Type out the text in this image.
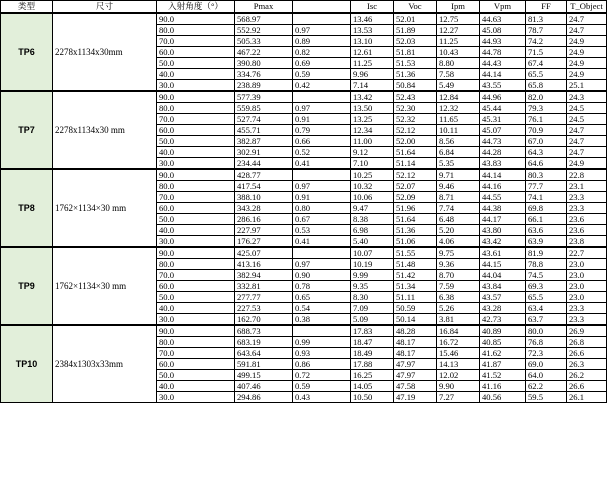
类型	尺寸	入射角度（°）	Pmax		Isc	Voc	Ipm	Vpm	FF	T_Object
TP6	2278x1134x30mm	90.0	568.97		13.46	52.01	12.75	44.63	81.3	24.7
		80.0	552.92	0.97	13.53	51.89	12.27	45.08	78.7	24.7
		70.0	505.33	0.89	13.10	52.03	11.25	44.93	74.2	24.9
		60.0	467.22	0.82	12.61	51.81	10.43	44.78	71.5	24.9
		50.0	390.80	0.69	11.25	51.53	8.80	44.43	67.4	24.9
		40.0	334.76	0.59	9.96	51.36	7.58	44.14	65.5	24.9
		30.0	238.89	0.42	7.14	50.84	5.49	43.55	65.8	25.1
TP7	2278x1134x30 mm	90.0	577.39		13.42	52.43	12.84	44.96	82.0	24.3
		80.0	559.85	0.97	13.50	52.30	12.32	45.44	79.3	24.5
		70.0	527.74	0.91	13.25	52.32	11.65	45.31	76.1	24.5
		60.0	455.71	0.79	12.34	52.12	10.11	45.07	70.9	24.7
		50.0	382.87	0.66	11.00	52.00	8.56	44.73	67.0	24.7
		40.0	302.91	0.52	9.12	51.64	6.84	44.28	64.3	24.7
		30.0	234.44	0.41	7.10	51.14	5.35	43.83	64.6	24.9
TP8	1762×1134×30 mm	90.0	428.77		10.25	52.12	9.71	44.14	80.3	22.8
		80.0	417.54	0.97	10.32	52.07	9.46	44.16	77.7	23.1
		70.0	388.10	0.91	10.06	52.09	8.71	44.55	74.1	23.3
		60.0	343.28	0.80	9.47	51.96	7.74	44.38	69.8	23.3
		50.0	286.16	0.67	8.38	51.64	6.48	44.17	66.1	23.6
		40.0	227.97	0.53	6.98	51.36	5.20	43.80	63.6	23.6
		30.0	176.27	0.41	5.40	51.06	4.06	43.42	63.9	23.8
TP9	1762×1134×30 mm	90.0	425.07		10.07	51.55	9.75	43.61	81.9	22.7
		80.0	413.16	0.97	10.19	51.48	9.36	44.15	78.8	23.0
		70.0	382.94	0.90	9.99	51.42	8.70	44.04	74.5	23.0
		60.0	332.81	0.78	9.35	51.34	7.59	43.84	69.3	23.0
		50.0	277.77	0.65	8.30	51.11	6.38	43.57	65.5	23.0
		40.0	227.53	0.54	7.09	50.59	5.26	43.28	63.4	23.3
		30.0	162.70	0.38	5.09	50.14	3.81	42.73	63.7	23.3
TP10	2384x1303x33mm	90.0	688.73		17.83	48.28	16.84	40.89	80.0	26.9
		80.0	683.19	0.99	18.47	48.17	16.72	40.85	76.8	26.8
		70.0	643.64	0.93	18.49	48.17	15.46	41.62	72.3	26.6
		60.0	591.81	0.86	17.88	47.97	14.13	41.87	69.0	26.3
		50.0	499.15	0.72	16.25	47.97	12.02	41.52	64.0	26.2
		40.0	407.46	0.59	14.05	47.58	9.90	41.16	62.2	26.6
		30.0	294.86	0.43	10.50	47.19	7.27	40.56	59.5	26.1
